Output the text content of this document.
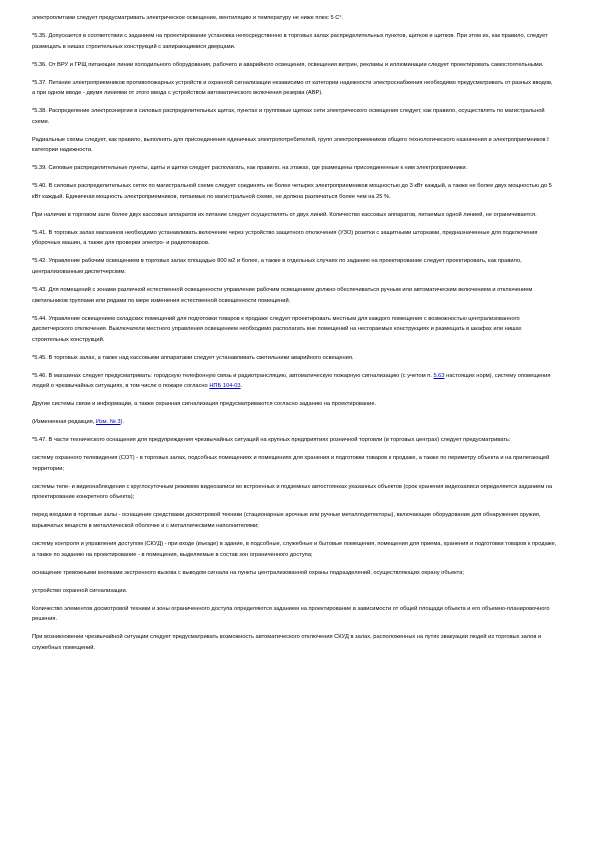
электроплитами следует предусматривать электрическое освещение, вентиляцию и температуру не ниже плюс 5 С°.

*5.35. Допускается в соответствии с заданием на проектирование установка непосредственно в торговых залах распределительных пунктов, щитков и щитков. При этом их, как правило, следует размещать в нишах строительных конструкций с запирающимися дверцами.

*5.36. От ВРУ и ГРЩ питающие линии холодильного оборудования, рабочего и аварийного освещения, освещения витрин, рекламы и иллюминации следует проектировать самостоятельными.

*5.37. Питание электроприемников противопожарных устройств и охранной сигнализации независимо от категории надежности электроснабжения необходимо предусматривать от разных вводов, а при одном вводе - двумя линиями от этого ввода с устройством автоматического включения резерва (АВР).

*5.38. Распределение электроэнергии в силовых распределительных щитах, пунктах и групповые щитках сети электрического освещения следует, как правило, осуществлять по магистральной схеме.

Радиальные схемы следует, как правило, выполнять для присоединения единичных электропотребителей, групп электроприемников общего технологического назначения и электроприемников I категории надежности.

*5.39. Силовые распределительные пункты, щиты и щитки следует располагать, как правило, на этажах, где размещены присоединенные к ним электроприемники.

*5.40. В силовых распределительных сетях по магистральной схеме следует соединять не более четырех электроприемников мощностью до 3 кВт каждый, а также не более двух мощностью до 5 кВт каждый. Единичная мощность электроприемников, питаемых по магистральной схеме, не должна различаться более чем на 25 %.

При наличии в торговом зале более двух кассовых аппаратов их питание следует осуществлять от двух линий. Количество кассовых аппаратов, питаемых одной линией, не ограничивается.

*5.41. В торговых залах магазинов необходимо устанавливать включение через устройство защитного отключения (УЗО) розетки с защитными шторками, предназначенные для подключения уборочных машин, а также для проверки электро- и радиотоваров.

*5.42. Управление рабочим освещением в торговых залах площадью 800 м2 и более, а также в отдельных случаях по заданию на проектирование следует проектировать, как правило, централизованным диспетчерским.

*5.43. Для помещений с зонами различной естественной освещенности управление рабочим освещением должно обеспечиваться ручным или автоматическим включением и отключением светильников группами или рядами по мере изменения естественной освещенности помещений.

*5.44. Управление освещением складских помещений для подготовки товаров к продаже следует проектировать местным для каждого помещения с возможностью централизованного диспетчерского отключения. Выключатели местного управления освещением необходимо располагать вне помещений на несгораемых конструкциях и размещать в шкафах или нишах строительных конструкций.

*5.45. В торговых залах, а также над кассовыми аппаратами следует устанавливать светильники аварийного освещения.

*5.46. В магазинах следует предусматривать: городскую телефонную связь и радиотрансляцию, автоматическую пожарную сигнализацию (с учетом п. 5.63 настоящих норм), систему оповещения людей о чрезвычайных ситуациях, в том числе о пожаре согласно НПБ 104-03.

Другие системы связи и информации, а также охранная сигнализация предусматриваются согласно заданию на проектирование.

(Измененная редакция, Изм. № 3).

*5.47. В части технического оснащения для предупреждения чрезвычайных ситуаций на крупных предприятиях розничной торговли (в торговых центрах) следует предусматривать:

систему охранного телевидения (СОТ) - в торговых залах, подсобных помещениях и помещениях для хранения и подготовки товаров к продаже, а также по периметру объекта и на прилегающей территории;

системы теле- и видеонаблюдения с круглосуточным режимом видеозаписи во встроенных и подземных автостоянках указанных объектов (срок хранения видеозаписи определяется заданием на проектирование конкретного объекта);

перед входами в торговые залы - оснащение средствами досмотровой техники (стационарные арочные или ручные металлодетекторы), включающие оборудование для обнаружения оружия, взрывчатых веществ в металлической оболочке и с металлическими наполнителями;

систему контроля и управления доступом (СКУД) - при входе (въезде) в здание, в подсобные, служебные и бытовые помещения, помещения для приема, хранения и подготовки товаров к продаже, а также по заданию на проектирование - в помещения, выделяемые в состав зон ограниченного доступа;

оснащение тревожными кнопками экстренного вызова с выводом сигнала на пункты централизованной охраны подразделений, осуществляющих охрану объекта;

устройство охранной сигнализации.

Количество элементов досмотровой техники и зоны ограниченного доступа определяются заданием на проектирование в зависимости от общей площади объекта и его объемно-планировочного решения.

При возникновении чрезвычайной ситуации следует предусматривать возможность автоматического отключения СКУД в залах, расположенных на путях эвакуации людей из торговых залов и служебных помещений.
